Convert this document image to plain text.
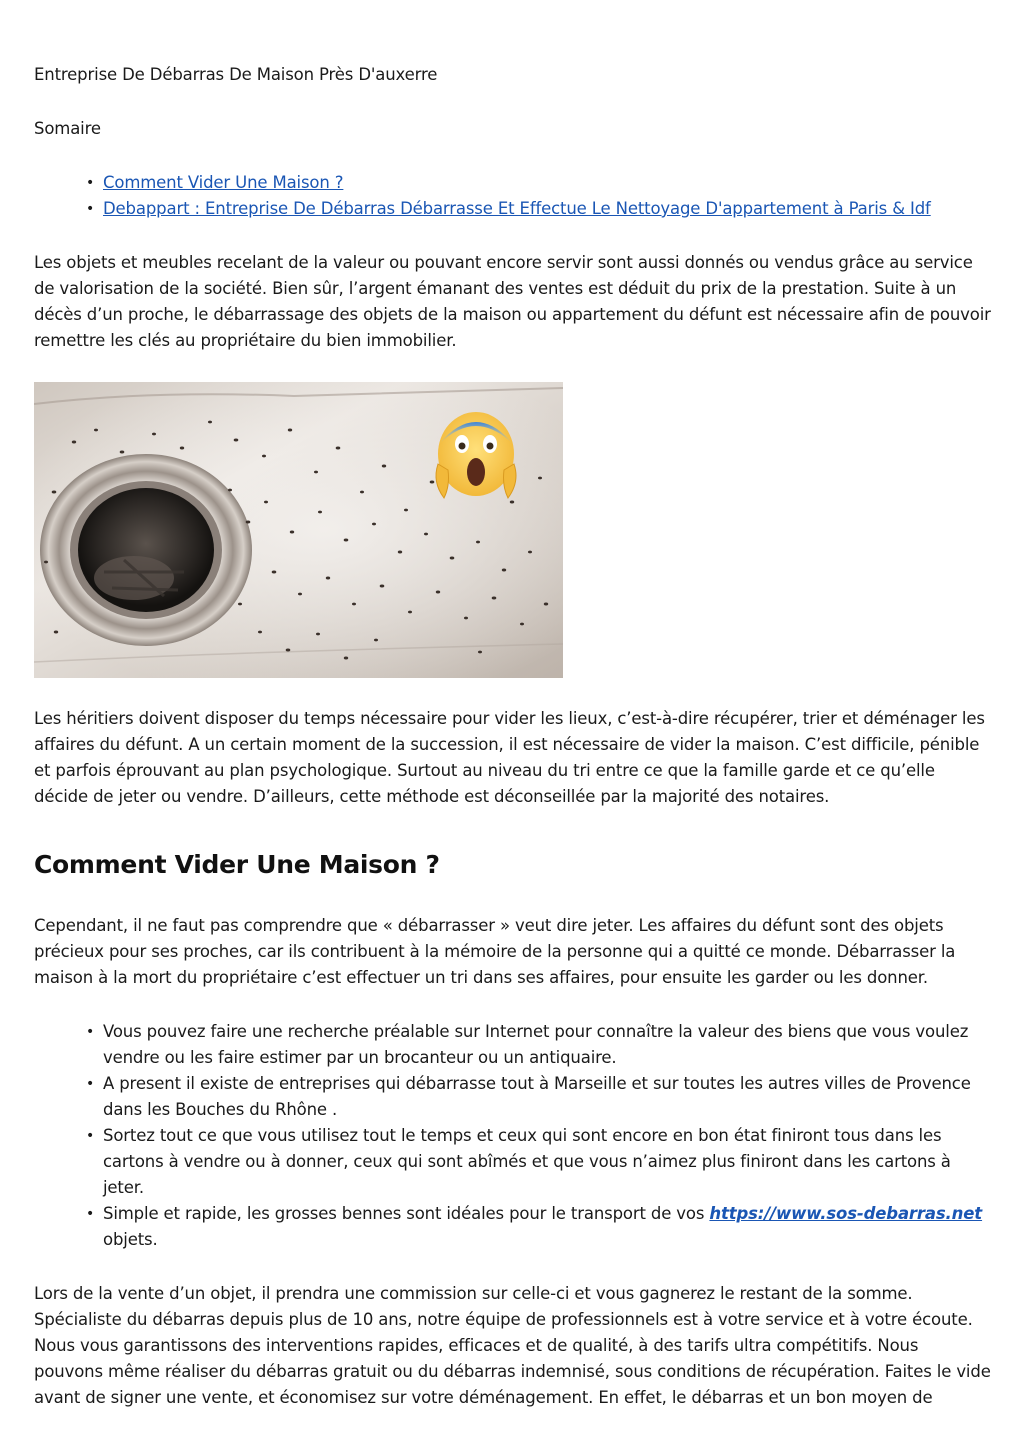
Entreprise De Débarras De Maison Près D'auxerre

Somaire

• Comment Vider Une Maison ?
• Debappart : Entreprise De Débarras Débarrasse Et Effectue Le Nettoyage D'appartement à Paris & Idf

Les objets et meubles recelant de la valeur ou pouvant encore servir sont aussi donnés ou vendus grâce au service de valorisation de la société. Bien sûr, l’argent émanant des ventes est déduit du prix de la prestation. Suite à un décès d’un proche, le débarrassage des objets de la maison ou appartement du défunt est nécessaire afin de pouvoir remettre les clés au propriétaire du bien immobilier.

Les héritiers doivent disposer du temps nécessaire pour vider les lieux, c’est-à-dire récupérer, trier et déménager les affaires du défunt. A un certain moment de la succession, il est nécessaire de vider la maison. C’est difficile, pénible et parfois éprouvant au plan psychologique. Surtout au niveau du tri entre ce que la famille garde et ce qu’elle décide de jeter ou vendre. D’ailleurs, cette méthode est déconseillée par la majorité des notaires.

Comment Vider Une Maison ?

Cependant, il ne faut pas comprendre que « débarrasser » veut dire jeter. Les affaires du défunt sont des objets précieux pour ses proches, car ils contribuent à la mémoire de la personne qui a quitté ce monde. Débarrasser la maison à la mort du propriétaire c’est effectuer un tri dans ses affaires, pour ensuite les garder ou les donner.

• Vous pouvez faire une recherche préalable sur Internet pour connaître la valeur des biens que vous voulez vendre ou les faire estimer par un brocanteur ou un antiquaire.
• A present il existe de entreprises qui débarrasse tout à Marseille et sur toutes les autres villes de Provence dans les Bouches du Rhône .
• Sortez tout ce que vous utilisez tout le temps et ceux qui sont encore en bon état finiront tous dans les cartons à vendre ou à donner, ceux qui sont abîmés et que vous n’aimez plus finiront dans les cartons à jeter.
• Simple et rapide, les grosses bennes sont idéales pour le transport de vos https://www.sos-debarras.net objets.

Lors de la vente d’un objet, il prendra une commission sur celle-ci et vous gagnerez le restant de la somme. Spécialiste du débarras depuis plus de 10 ans, notre équipe de professionnels est à votre service et à votre écoute. Nous vous garantissons des interventions rapides, efficaces et de qualité, à des tarifs ultra compétitifs. Nous pouvons même réaliser du débarras gratuit ou du débarras indemnisé, sous conditions de récupération. Faites le vide avant de signer une vente, et économisez sur votre déménagement. En effet, le débarras et un bon moyen de
